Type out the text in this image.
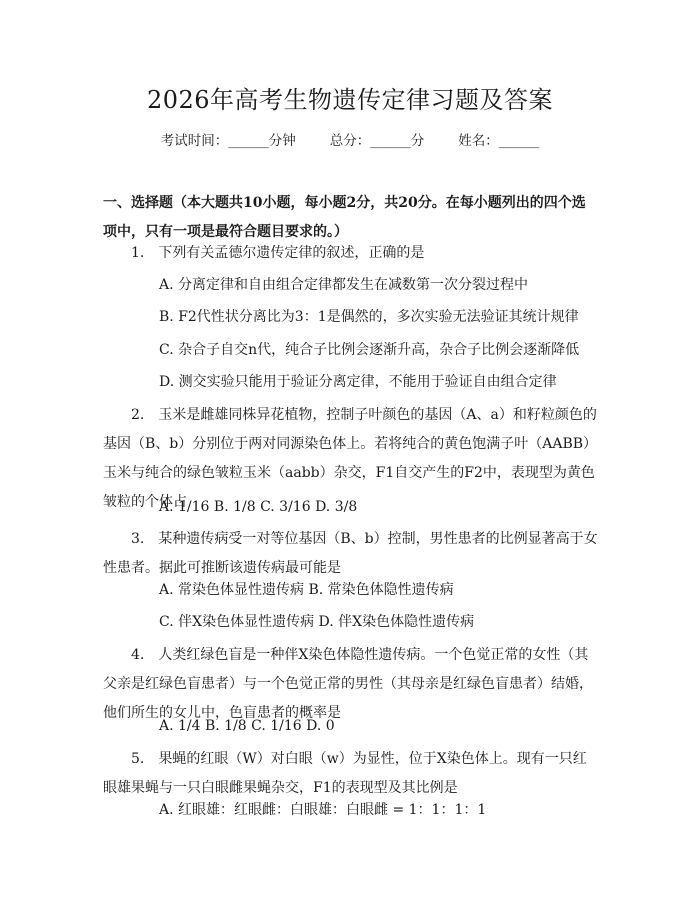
2026年高考生物遗传定律习题及答案
考试时间：______分钟	总分：______分	姓名：______
一、选择题（本大题共10小题，每小题2分，共20分。在每小题列出的四个选项中，只有一项是最符合题目要求的。）
1.　下列有关孟德尔遗传定律的叙述，正确的是
A. 分离定律和自由组合定律都发生在减数第一次分裂过程中
B. F2代性状分离比为3：1是偶然的，多次实验无法验证其统计规律
C. 杂合子自交n代，纯合子比例会逐渐升高，杂合子比例会逐渐降低
D. 测交实验只能用于验证分离定律，不能用于验证自由组合定律
2.　玉米是雌雄同株异花植物，控制子叶颜色的基因（A、a）和籽粒颜色的基因（B、b）分别位于两对同源染色体上。若将纯合的黄色饱满子叶（AABB）玉米与纯合的绿色皱粒玉米（aabb）杂交，F1自交产生的F2中，表现型为黄色皱粒的个体占
A. 1/16 B. 1/8 C. 3/16 D. 3/8
3.　某种遗传病受一对等位基因（B、b）控制，男性患者的比例显著高于女性患者。据此可推断该遗传病最可能是
A. 常染色体显性遗传病 B. 常染色体隐性遗传病
C. 伴X染色体显性遗传病 D. 伴X染色体隐性遗传病
4.　人类红绿色盲是一种伴X染色体隐性遗传病。一个色觉正常的女性（其父亲是红绿色盲患者）与一个色觉正常的男性（其母亲是红绿色盲患者）结婚，他们所生的女儿中，色盲患者的概率是
A. 1/4 B. 1/8 C. 1/16 D. 0
5.　果蝇的红眼（W）对白眼（w）为显性，位于X染色体上。现有一只红眼雄果蝇与一只白眼雌果蝇杂交，F1的表现型及其比例是
A. 红眼雄：红眼雌：白眼雄：白眼雌 = 1：1：1：1
